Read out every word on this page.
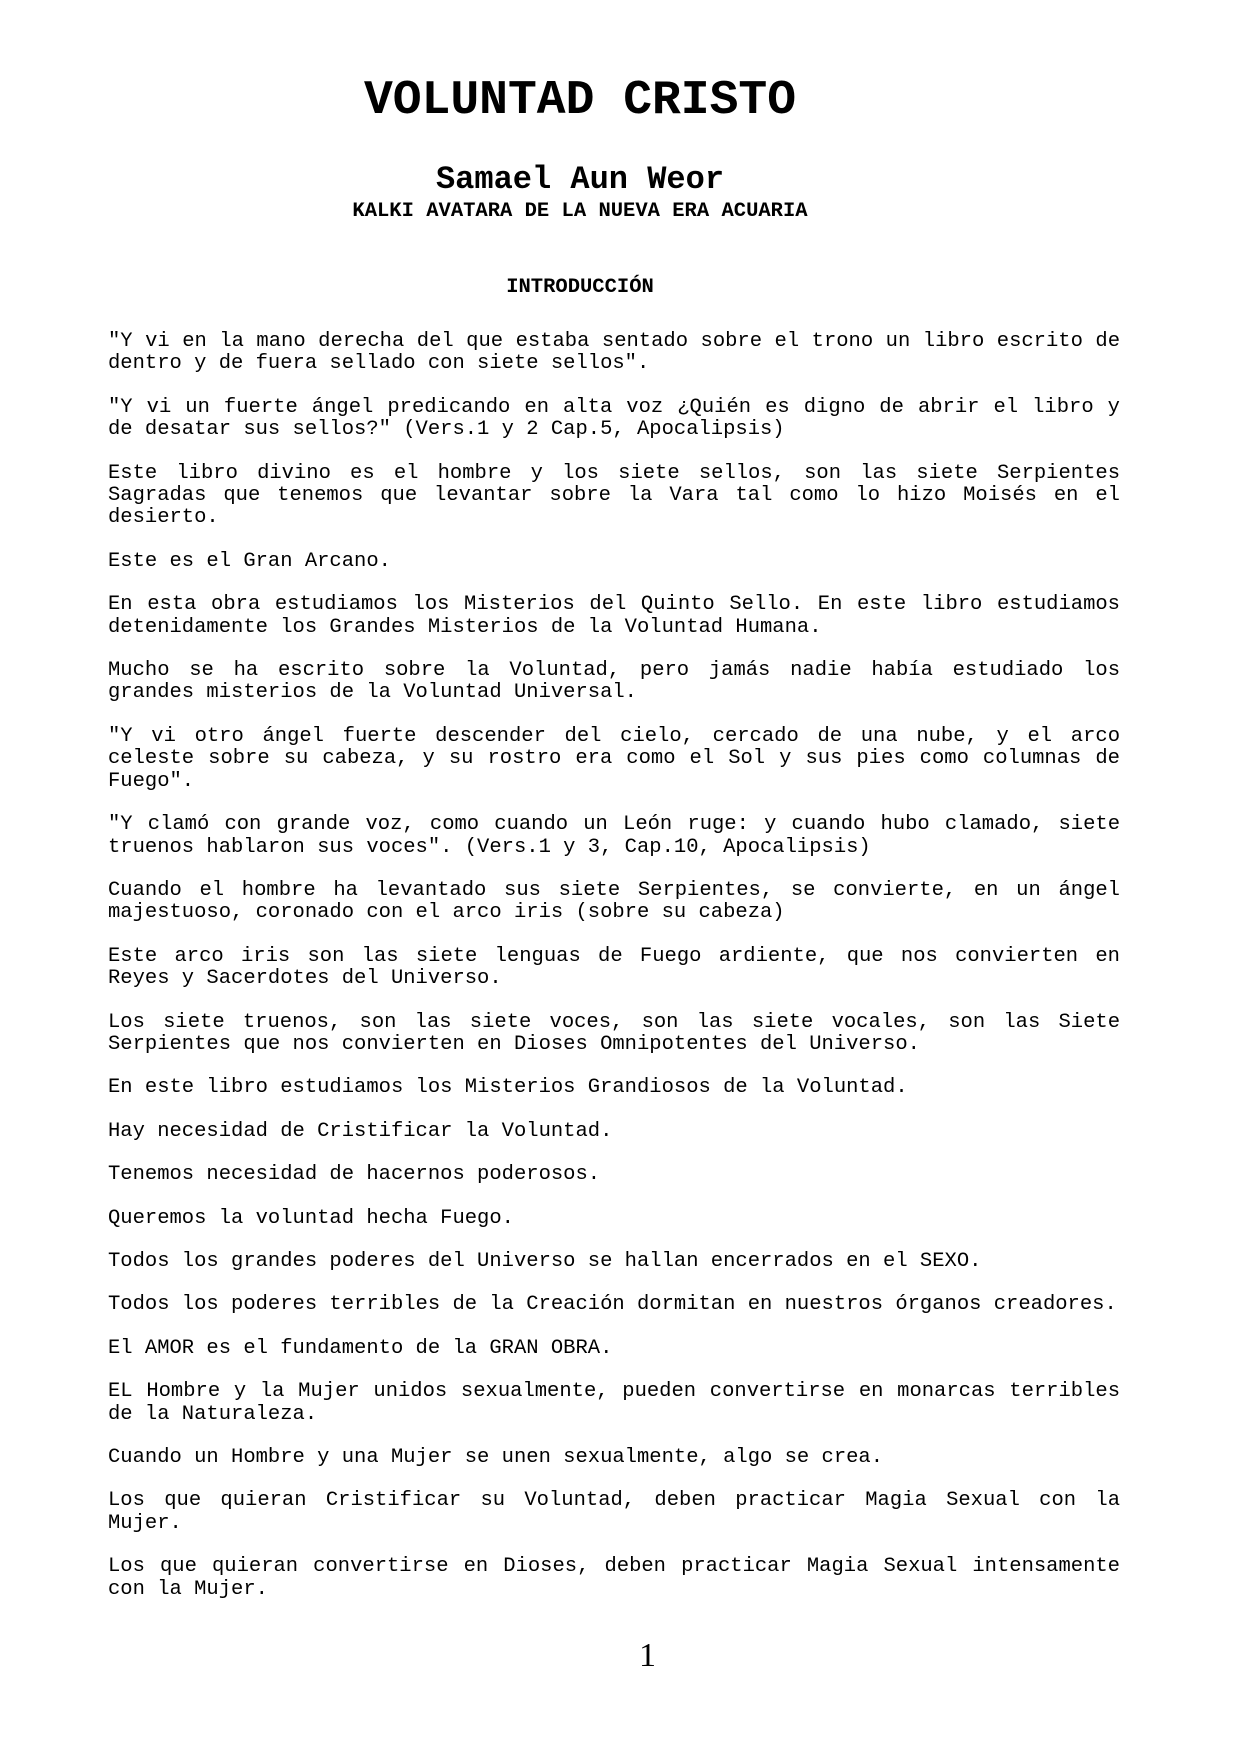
VOLUNTAD CRISTO
Samael Aun Weor
KALKI AVATARA DE LA NUEVA ERA ACUARIA
INTRODUCCIÓN

"Y vi en la mano derecha del que estaba sentado sobre el trono un libro escrito de dentro y de fuera sellado con siete sellos".

"Y vi un fuerte ángel predicando en alta voz ¿Quién es digno de abrir el libro y de desatar sus sellos?" (Vers.1 y 2 Cap.5, Apocalipsis)

Este libro divino es el hombre y los siete sellos, son las siete Serpientes Sagradas que tenemos que levantar sobre la Vara tal como lo hizo Moisés en el desierto.

Este es el Gran Arcano.

En esta obra estudiamos los Misterios del Quinto Sello. En este libro estudiamos detenidamente los Grandes Misterios de la Voluntad Humana.

Mucho se ha escrito sobre la Voluntad, pero jamás nadie había estudiado los grandes misterios de la Voluntad Universal.

"Y vi otro ángel fuerte descender del cielo, cercado de una nube, y el arco celeste sobre su cabeza, y su rostro era como el Sol y sus pies como columnas de Fuego".

"Y clamó con grande voz, como cuando un León ruge: y cuando hubo clamado, siete truenos hablaron sus voces". (Vers.1 y 3, Cap.10, Apocalipsis)

Cuando el hombre ha levantado sus siete Serpientes, se convierte, en un ángel majestuoso, coronado con el arco iris (sobre su cabeza)

Este arco iris son las siete lenguas de Fuego ardiente, que nos convierten en Reyes y Sacerdotes del Universo.

Los siete truenos, son las siete voces, son las siete vocales, son las Siete Serpientes que nos convierten en Dioses Omnipotentes del Universo.

En este libro estudiamos los Misterios Grandiosos de la Voluntad.

Hay necesidad de Cristificar la Voluntad.

Tenemos necesidad de hacernos poderosos.

Queremos la voluntad hecha Fuego.

Todos los grandes poderes del Universo se hallan encerrados en el SEXO.

Todos los poderes terribles de la Creación dormitan en nuestros órganos creadores.

El AMOR es el fundamento de la GRAN OBRA.

EL Hombre y la Mujer unidos sexualmente, pueden convertirse en monarcas terribles de la Naturaleza.

Cuando un Hombre y una Mujer se unen sexualmente, algo se crea.

Los que quieran Cristificar su Voluntad, deben practicar Magia Sexual con la Mujer.

Los que quieran convertirse en Dioses, deben practicar Magia Sexual intensamente con la Mujer.

1
